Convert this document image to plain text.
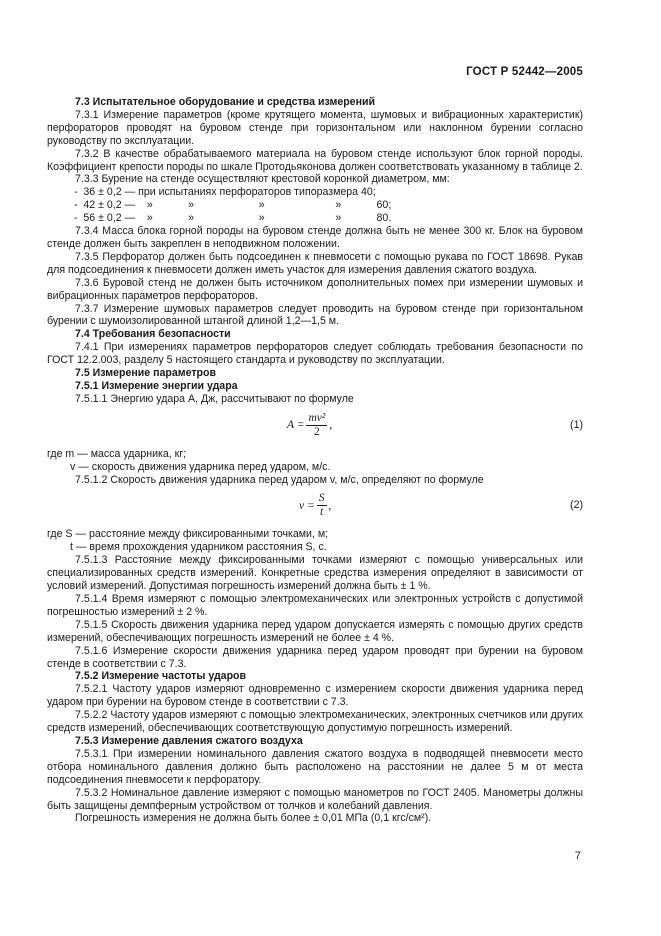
ГОСТ Р 52442—2005

7.3 Испытательное оборудование и средства измерений

7.3.1 Измерение параметров (кроме крутящего момента, шумовых и вибрационных характеристик) перфораторов проводят на буровом стенде при горизонтальном или наклонном бурении согласно руководству по эксплуатации.

7.3.2 В качестве обрабатываемого материала на буровом стенде используют блок горной породы. Коэффициент крепости породы по шкале Протодьяконова должен соответствовать указанному в таблице 2.

7.3.3 Бурение на стенде осуществляют крестовой коронкой диаметром, мм:

-  36 ± 0,2 — при испытаниях перфораторов типоразмера 40;

-  42 ± 0,2 —    »            »                      »                        »            60;

-  56 ± 0,2 —    »            »                      »                        »            80.

7.3.4 Масса блока горной породы на буровом стенде должна быть не менее 300 кг. Блок на буровом стенде должен быть закреплен в неподвижном положении.

7.3.5 Перфоратор должен быть подсоединен к пневмосети с помощью рукава по ГОСТ 18698. Рукав для подсоединения к пневмосети должен иметь участок для измерения давления сжатого воздуха.

7.3.6 Буровой стенд не должен быть источником дополнительных помех при измерении шумовых и вибрационных параметров перфораторов.

7.3.7 Измерение шумовых параметров следует проводить на буровом стенде при горизонтальном бурении с шумоизолированной штангой длиной 1,2—1,5 м.

7.4 Требования безопасности

7.4.1 При измерениях параметров перфораторов следует соблюдать требования безопасности по ГОСТ 12.2.003, разделу 5 настоящего стандарта и руководству по эксплуатации.

7.5 Измерение параметров

7.5.1 Измерение энергии удара

7.5.1.1 Энергию удара A, Дж, рассчитывают по формуле

$A = \frac{\text{mv²}}{2}$ ,	(1)

где m — масса ударника, кг;

v — скорость движения ударника перед ударом, м/с.

7.5.1.2 Скорость движения ударника перед ударом v, м/с, определяют по формуле

$v = \frac{S}{t}$ ,	(2)

где S — расстояние между фиксированными точками, м;

t — время прохождения ударником расстояния S, с.

7.5.1.3 Расстояние между фиксированными точками измеряют с помощью универсальных или специализированных средств измерений. Конкретные средства измерения определяют в зависимости от условий измерений. Допустимая погрешность измерений должна быть ± 1 %.

7.5.1.4 Время измеряют с помощью электромеханических или электронных устройств с допустимой погрешностью измерений ± 2 %.

7.5.1.5 Скорость движения ударника перед ударом допускается измерять с помощью других средств измерений, обеспечивающих погрешность измерений не более ± 4 %.

7.5.1.6 Измерение скорости движения ударника перед ударом проводят при бурении на буровом стенде в соответствии с 7.3.

7.5.2 Измерение частоты ударов

7.5.2.1 Частоту ударов измеряют одновременно с измерением скорости движения ударника перед ударом при бурении на буровом стенде в соответствии с 7.3.

7.5.2.2 Частоту ударов измеряют с помощью электромеханических, электронных счетчиков или других средств измерений, обеспечивающих соответствующую допустимую погрешность измерений.

7.5.3 Измерение давления сжатого воздуха

7.5.3.1 При измерении номинального давления сжатого воздуха в подводящей пневмосети место отбора номинального давления должно быть расположено на расстоянии не далее 5 м от места подсоединения пневмосети к перфоратору.

7.5.3.2 Номинальное давление измеряют с помощью манометров по ГОСТ 2405. Манометры должны быть защищены демпферным устройством от толчков и колебаний давления.

Погрешность измерения не должна быть более ± 0,01 МПа (0,1 кгс/см²).

7
